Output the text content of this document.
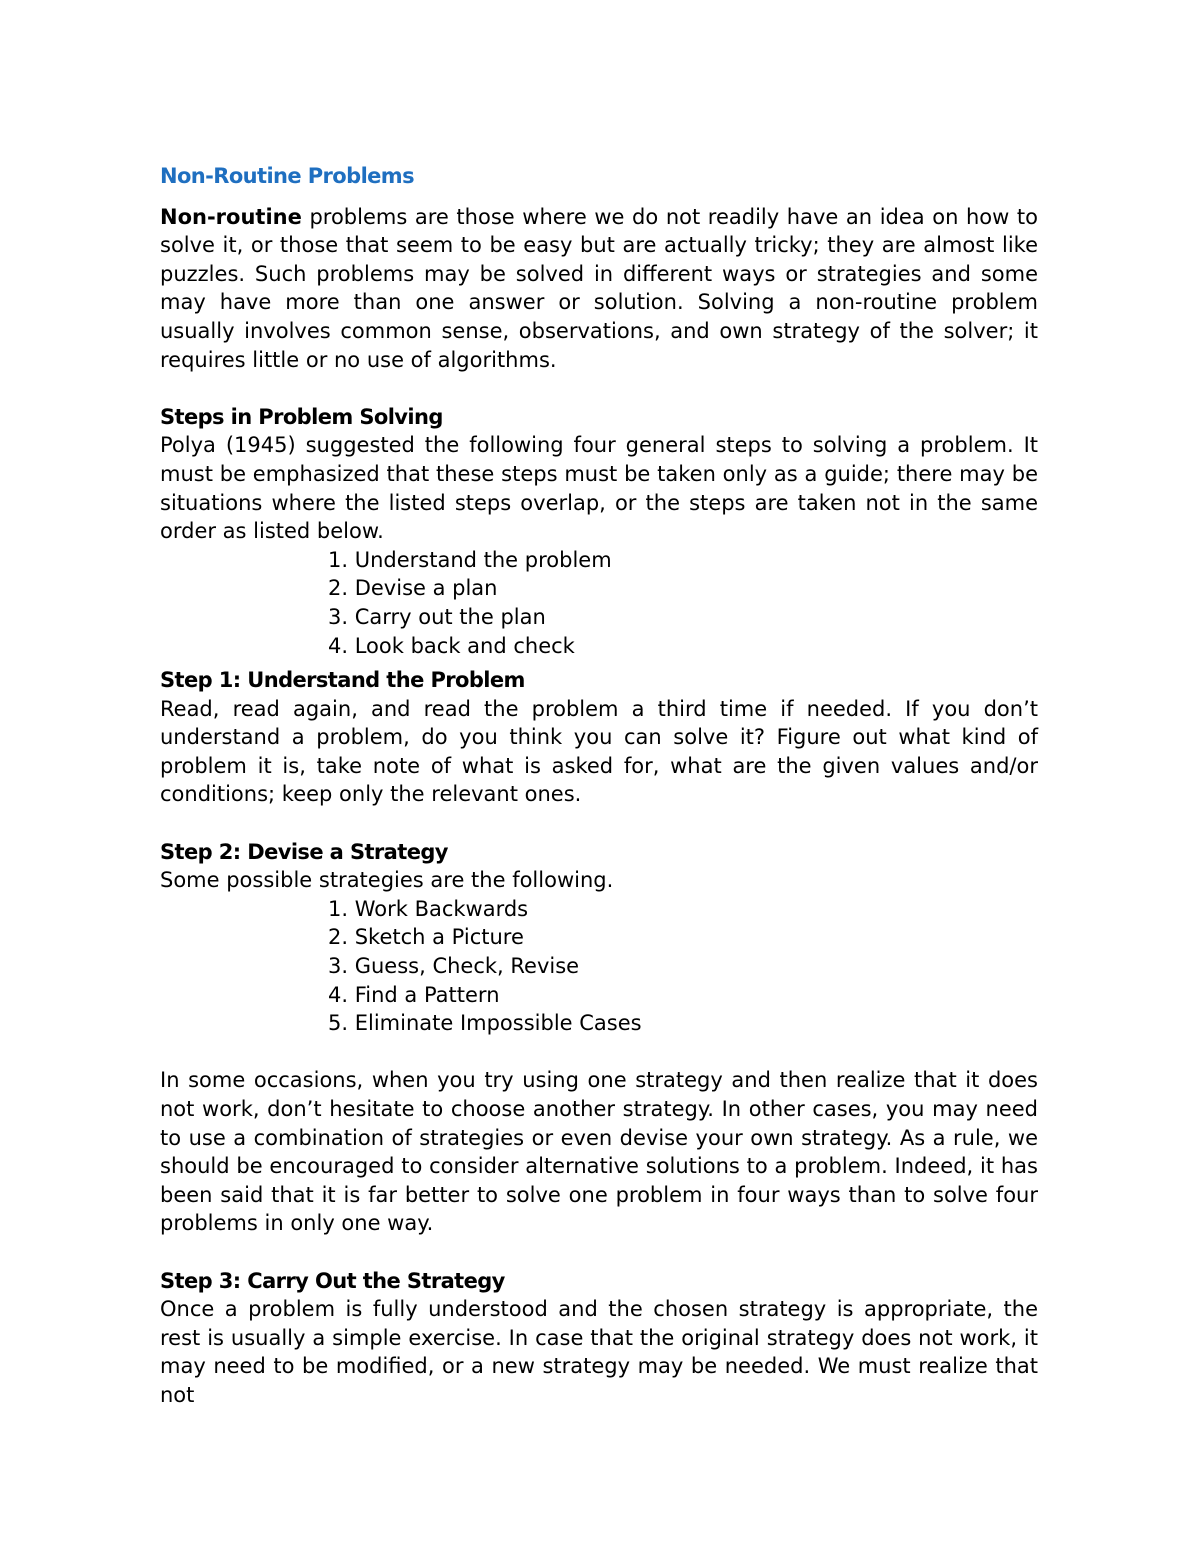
Non-Routine Problems

Non-routine problems are those where we do not readily have an idea on how to solve it, or those that seem to be easy but are actually tricky; they are almost like puzzles. Such problems may be solved in different ways or strategies and some may have more than one answer or solution. Solving a non-routine problem usually involves common sense, observations, and own strategy of the solver; it requires little or no use of algorithms.

Steps in Problem Solving

Polya (1945) suggested the following four general steps to solving a problem. It must be emphasized that these steps must be taken only as a guide; there may be situations where the listed steps overlap, or the steps are taken not in the same order as listed below.

1. Understand the problem
2. Devise a plan
3. Carry out the plan
4. Look back and check
Step 1: Understand the Problem

Read, read again, and read the problem a third time if needed. If you don’t understand a problem, do you think you can solve it? Figure out what kind of problem it is, take note of what is asked for, what are the given values and/or conditions; keep only the relevant ones.

Step 2: Devise a Strategy

Some possible strategies are the following.

1. Work Backwards
2. Sketch a Picture
3. Guess, Check, Revise
4. Find a Pattern
5. Eliminate Impossible Cases

In some occasions, when you try using one strategy and then realize that it does not work, don’t hesitate to choose another strategy. In other cases, you may need to use a combination of strategies or even devise your own strategy. As a rule, we should be encouraged to consider alternative solutions to a problem. Indeed, it has been said that it is far better to solve one problem in four ways than to solve four problems in only one way.

Step 3: Carry Out the Strategy

Once a problem is fully understood and the chosen strategy is appropriate, the rest is usually a simple exercise. In case that the original strategy does not work, it may need to be modified, or a new strategy may be needed. We must realize that not
